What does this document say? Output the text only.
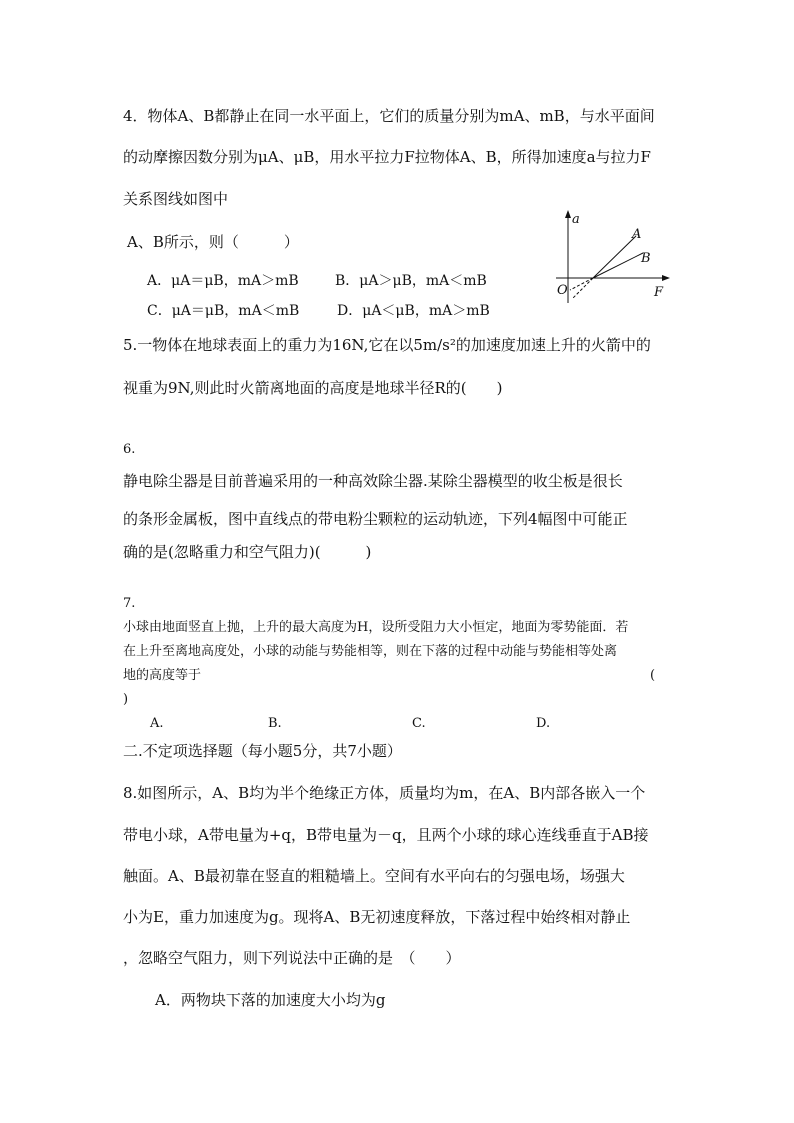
4．物体A、B都静止在同一水平面上，它们的质量分别为mA、mB，与水平面间
的动摩擦因数分别为μA、μB，用水平拉力F拉物体A、B，所得加速度a与拉力F
关系图线如图中
A、B所示，则（　　　）
A．μA＝μB，mA＞mB	B．μA＞μB，mA＜mB
C．μA＝μB，mA＜mB	D．μA＜μB，mA＞mB
a
F
O
A
B
5.一物体在地球表面上的重力为16N,它在以5m/s²的加速度加速上升的火箭中的
视重为9N,则此时火箭离地面的高度是地球半径R的(　　)
6.
静电除尘器是目前普遍采用的一种高效除尘器.某除尘器模型的收尘板是很长
的条形金属板，图中直线点的带电粉尘颗粒的运动轨迹，下列4幅图中可能正
确的是(忽略重力和空气阻力)(　　　)
7.
小球由地面竖直上抛，上升的最大高度为H，设所受阻力大小恒定，地面为零势能面．若
在上升至离地高度处，小球的动能与势能相等，则在下落的过程中动能与势能相等处离
地的高度等于	(
)
A.	B.	C.	D.
二.不定项选择题（每小题5分，共7小题）
8.如图所示，A、B均为半个绝缘正方体，质量均为m，在A、B内部各嵌入一个
带电小球，A带电量为+q，B带电量为－q，且两个小球的球心连线垂直于AB接
触面。A、B最初靠在竖直的粗糙墙上。空间有水平向右的匀强电场，场强大
小为E，重力加速度为g。现将A、B无初速度释放，下落过程中始终相对静止
，忽略空气阻力，则下列说法中正确的是　（　　）
A．两物块下落的加速度大小均为g
